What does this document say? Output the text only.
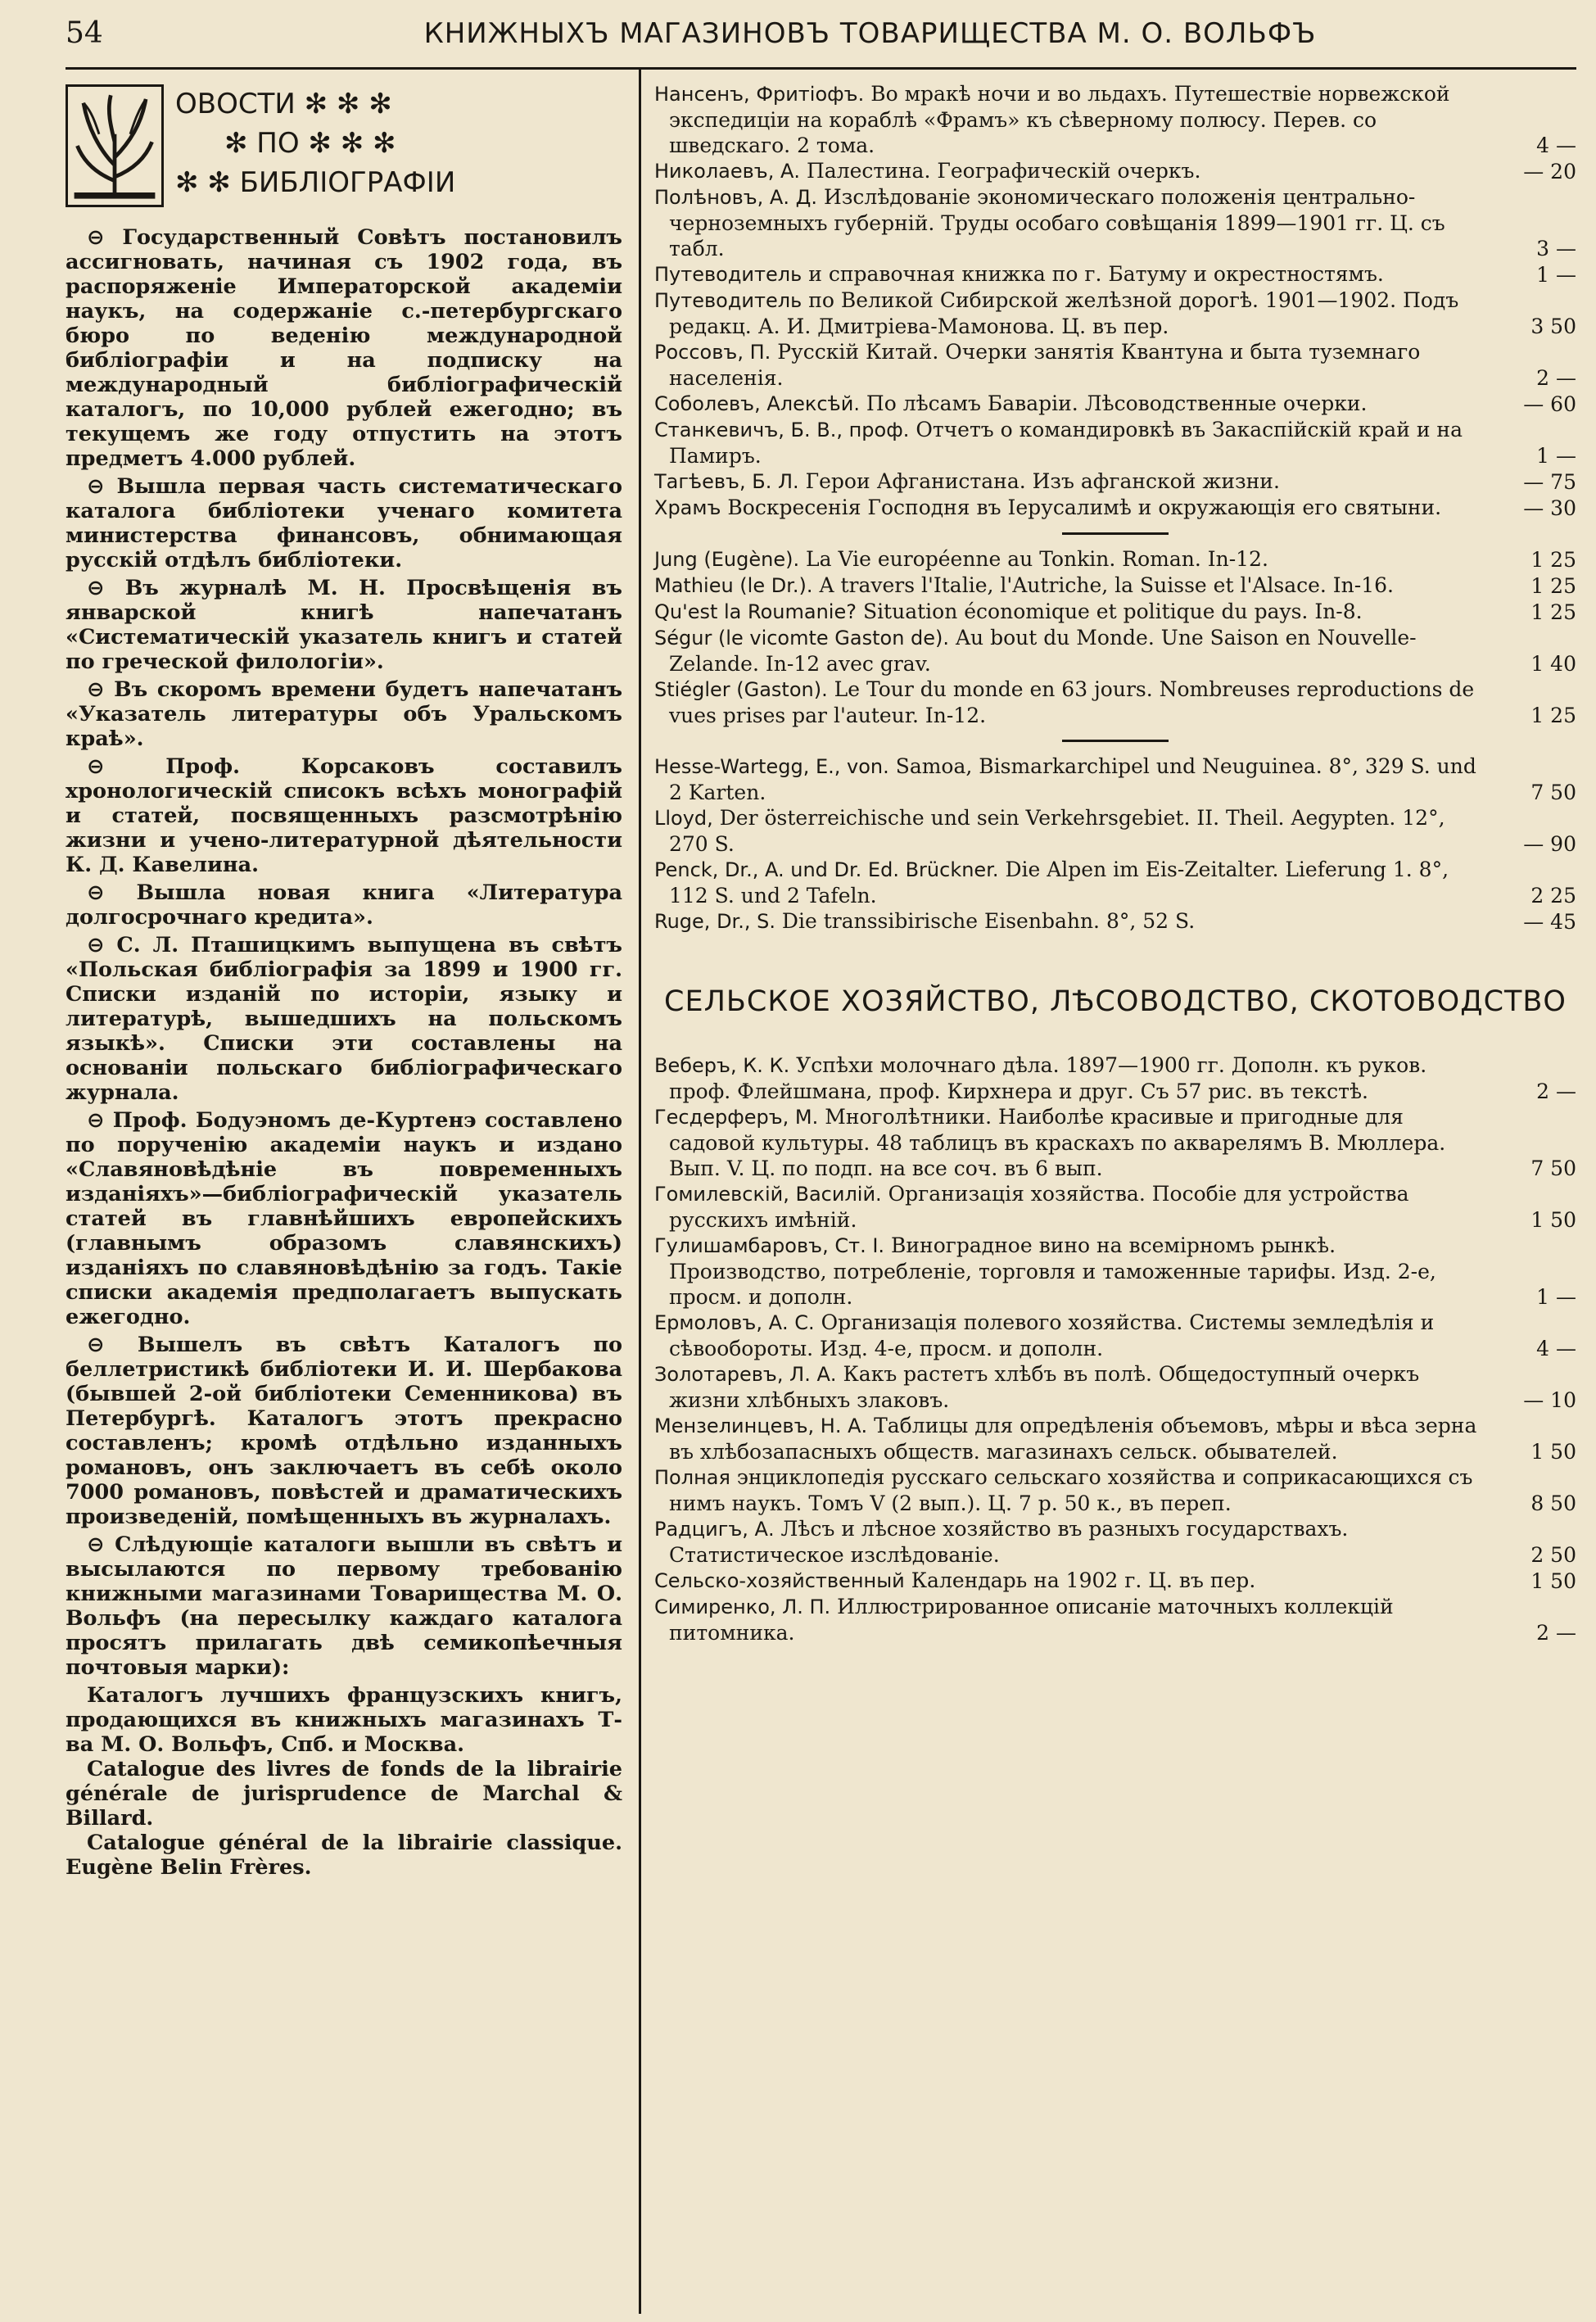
54	КНИЖНЫХЪ МАГАЗИНОВЪ ТОВАРИЩЕСТВА М. О. ВОЛЬФЪ
ОВОСТИ ✻ ✻ ✻
✻ ПО ✻ ✻ ✻
✻ ✻ БИБЛІОГРАФІИ

⊖ Государственный Совѣтъ постановилъ ассигновать, начиная съ 1902 года, въ распоряженіе Императорской академіи наукъ, на содержаніе с.-петербургскаго бюро по веденію международной библіографіи и на подписку на международный библіографическій каталогъ, по 10,000 рублей ежегодно; въ текущемъ же году отпустить на этотъ предметъ 4.000 рублей.

⊖ Вышла первая часть систематическаго каталога библіотеки ученаго комитета министерства финансовъ, обнимающая русскій отдѣлъ библіотеки.

⊖ Въ журналѣ М. Н. Просвѣщенія въ январской книгѣ напечатанъ «Систематическій указатель книгъ и статей по греческой филологіи».

⊖ Въ скоромъ времени будетъ напечатанъ «Указатель литературы объ Уральскомъ краѣ».

⊖ Проф. Корсаковъ составилъ хронологическій списокъ всѣхъ монографій и статей, посвященныхъ разсмотрѣнію жизни и учено-литературной дѣятельности К. Д. Кавелина.

⊖ Вышла новая книга «Литература долгосрочнаго кредита».

⊖ С. Л. Пташицкимъ выпущена въ свѣтъ «Польская библіографія за 1899 и 1900 гг. Списки изданій по исторіи, языку и литературѣ, вышедшихъ на польскомъ языкѣ». Списки эти составлены на основаніи польскаго библіографическаго журнала.

⊖ Проф. Бодуэномъ де-Куртенэ составлено по порученію академіи наукъ и издано «Славяновѣдѣніе въ повременныхъ изданіяхъ»—библіографическій указатель статей въ главнѣйшихъ европейскихъ (главнымъ образомъ славянскихъ) изданіяхъ по славяновѣдѣнію за годъ. Такіе списки академія предполагаетъ выпускать ежегодно.

⊖ Вышелъ въ свѣтъ Каталогъ по беллетристикѣ библіотеки И. И. Шербакова (бывшей 2-ой библіотеки Семенникова) въ Петербургѣ. Каталогъ этотъ прекрасно составленъ; кромѣ отдѣльно изданныхъ романовъ, онъ заключаетъ въ себѣ около 7000 романовъ, повѣстей и драматическихъ произведеній, помѣщенныхъ въ журналахъ.

⊖ Слѣдующіе каталоги вышли въ свѣтъ и высылаются по первому требованію книжными магазинами Товарищества М. О. Вольфъ (на пересылку каждаго каталога просятъ прилагать двѣ семикопѣечныя почтовыя марки):

Каталогъ лучшихъ французскихъ книгъ, продающихся въ книжныхъ магазинахъ Т-ва М. О. Вольфъ, Спб. и Москва.
Catalogue des livres de fonds de la librairie générale de jurisprudence de Marchal & Billard.
Catalogue général de la librairie classique. Eugène Belin Frères.
Нансенъ, Фритіофъ. Во мракѣ ночи и во льдахъ. Путешествіе норвежской экспедиціи на кораблѣ «Фрамъ» къ сѣверному полюсу. Перев. со шведскаго. 2 тома.	4 —
Николаевъ, А. Палестина. Географическій очеркъ.	— 20
Полѣновъ, А. Д. Изслѣдованіе экономическаго положенія центрально-черноземныхъ губерній. Труды особаго совѣщанія 1899—1901 гг. Ц. съ табл.	3 —
Путеводитель и справочная книжка по г. Батуму и окрестностямъ.	1 —
Путеводитель по Великой Сибирской желѣзной дорогѣ. 1901—1902. Подъ редакц. А. И. Дмитріева-Мамонова. Ц. въ пер.	3 50
Россовъ, П. Русскій Китай. Очерки занятія Квантуна и быта туземнаго населенія.	2 —
Соболевъ, Алексѣй. По лѣсамъ Баваріи. Лѣсоводственные очерки.	— 60
Станкевичъ, Б. В., проф. Отчетъ о командировкѣ въ Закаспійскій край и на Памиръ.	1 —
Тагѣевъ, Б. Л. Герои Афганистана. Изъ афганской жизни.	— 75
Храмъ Воскресенія Господня въ Іерусалимѣ и окружающія его святыни.	— 30
Jung (Eugène). La Vie européenne au Tonkin. Roman. In-12.	1 25
Mathieu (le Dr.). A travers l'Italie, l'Autriche, la Suisse et l'Alsace. In-16.	1 25
Qu'est la Roumanie? Situation économique et politique du pays. In-8.	1 25
Ségur (le vicomte Gaston de). Au bout du Monde. Une Saison en Nouvelle-Zelande. In-12 avec grav.	1 40
Stiégler (Gaston). Le Tour du monde en 63 jours. Nombreuses reproductions de vues prises par l'auteur. In-12.	1 25
Hesse-Wartegg, E., von. Samoa, Bismarkarchipel und Neuguinea. 8°, 329 S. und 2 Karten.	7 50
Lloyd, Der österreichische und sein Verkehrsgebiet. II. Theil. Aegypten. 12°, 270 S.	— 90
Penck, Dr., A. und Dr. Ed. Brückner. Die Alpen im Eis-Zeitalter. Lieferung 1. 8°, 112 S. und 2 Tafeln.	2 25
Ruge, Dr., S. Die transsibirische Eisenbahn. 8°, 52 S.	— 45
СЕЛЬСКОЕ ХОЗЯЙСТВО, ЛѢСОВОДСТВО, СКОТОВОДСТВО
Веберъ, К. К. Успѣхи молочнаго дѣла. 1897—1900 гг. Дополн. къ руков. проф. Флейшмана, проф. Кирхнера и друг. Съ 57 рис. въ текстѣ.	2 —
Гесдерферъ, М. Многолѣтники. Наиболѣе красивые и пригодные для садовой культуры. 48 таблицъ въ краскахъ по акварелямъ В. Мюллера. Вып. V. Ц. по подп. на все соч. въ 6 вып.	7 50
Гомилевскій, Василій. Организація хозяйства. Пособіе для устройства русскихъ имѣній.	1 50
Гулишамбаровъ, Ст. І. Виноградное вино на всемірномъ рынкѣ. Производство, потребленіе, торговля и таможенные тарифы. Изд. 2-е, просм. и дополн.	1 —
Ермоловъ, А. С. Организація полевого хозяйства. Системы земледѣлія и сѣвообороты. Изд. 4-е, просм. и дополн.	4 —
Золотаревъ, Л. А. Какъ растетъ хлѣбъ въ полѣ. Общедоступный очеркъ жизни хлѣбныхъ злаковъ.	— 10
Мензелинцевъ, Н. А. Таблицы для опредѣленія объемовъ, мѣры и вѣса зерна въ хлѣбозапасныхъ обществ. магазинахъ сельск. обывателей.	1 50
Полная энциклопедія русскаго сельскаго хозяйства и соприкасающихся съ нимъ наукъ. Томъ V (2 вып.). Ц. 7 р. 50 к., въ переп.	8 50
Радцигъ, А. Лѣсъ и лѣсное хозяйство въ разныхъ государствахъ. Статистическое изслѣдованіе.	2 50
Сельско-хозяйственный Календарь на 1902 г. Ц. въ пер.	1 50
Симиренко, Л. П. Иллюстрированное описаніе маточныхъ коллекцій питомника.	2 —
